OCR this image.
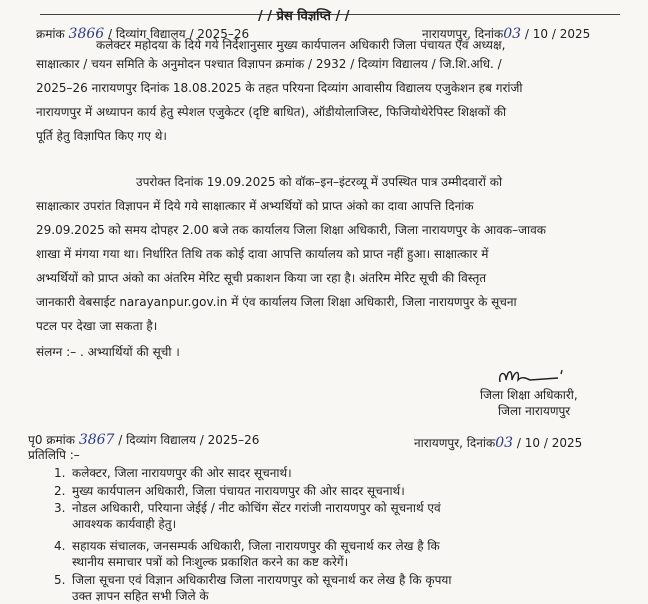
/ / प्रेस विज्ञप्ति / /
क्रमांक 3866 / दिव्यांग विद्यालय / 2025–26	नारायणपुर, दिनांक03 / 10 / 2025
कलेक्टर महोदया के दिये गये निर्देशानुसार मुख्य कार्यपालन अधिकारी जिला पंचायत एवं अध्यक्ष,
साक्षात्कार / चयन समिति के अनुमोदन पश्चात विज्ञापन क्रमांक / 2932 / दिव्यांग विद्यालय / जि.शि.अधि. /
2025–26 नारायणपुर दिनांक 18.08.2025 के तहत परियना दिव्यांग आवासीय विद्यालय एजुकेशन हब गरांजी
नारायणपुर में अध्यापन कार्य हेतु स्पेशल एजुकेटर (दृष्टि बाधित), ऑडीयोलाजिस्ट, फिजियोथेरेपिस्ट शिक्षकों की
पूर्ति हेतु विज्ञापित किए गए थे।
उपरोक्त दिनांक 19.09.2025 को वॉक–इन–इंटरव्यू में उपस्थित पात्र उम्मीदवारों को
साक्षात्कार उपरांत विज्ञापन में दिये गये साक्षात्कार में अभ्यर्थियों को प्राप्त अंको का दावा आपत्ति दिनांक
29.09.2025 को समय दोपहर 2.00 बजे तक कार्यालय जिला शिक्षा अधिकारी, जिला नारायणपुर के आवक–जावक
शाखा में मंगया गया था। निर्धारित तिथि तक कोई दावा आपत्ति कार्यालय को प्राप्त नहीं हुआ। साक्षात्कार में
अभ्यर्थियों को प्राप्त अंको का अंतरिम मेरिट सूची प्रकाशन किया जा रहा है। अंतरिम मेरिट सूची की विस्तृत
जानकारी वेबसाईट narayanpur.gov.in में एंव कार्यालय जिला शिक्षा अधिकारी, जिला नारायणपुर के सूचना
पटल पर देखा जा सकता है।
संलग्न :– . अभ्यार्थियों की सूची ।
जिला शिक्षा अधिकारी,
जिला नारायणपुर
पृ0 क्रमांक 3867 / दिव्यांग विद्यालय / 2025–26	नारायणपुर, दिनांक03 / 10 / 2025
प्रतिलिपि :–
1. कलेक्टर, जिला नारायणपुर की ओर सादर सूचनार्थ।
2. मुख्य कार्यपालन अधिकारी, जिला पंचायत नारायणपुर की ओर सादर सूचनार्थ।
3. नोडल अधिकारी, परियाना जेईई / नीट कोचिंग सेंटर गरांजी नारायणपुर को सूचनार्थ एवं
आवश्यक कार्यवाही हेतु।
4. सहायक संचालक, जनसम्पर्क अधिकारी, जिला नारायणपुर की सूचनार्थ कर लेख है कि
स्थानीय समाचार पत्रों को निःशुल्क प्रकाशित करने का कष्ट करेगें।
5. जिला सूचना एवं विज्ञान अधिकारीख जिला नारायणपुर को सूचनार्थ कर लेख है कि कृपया
उक्त ज्ञापन सहित सभी जिले के
